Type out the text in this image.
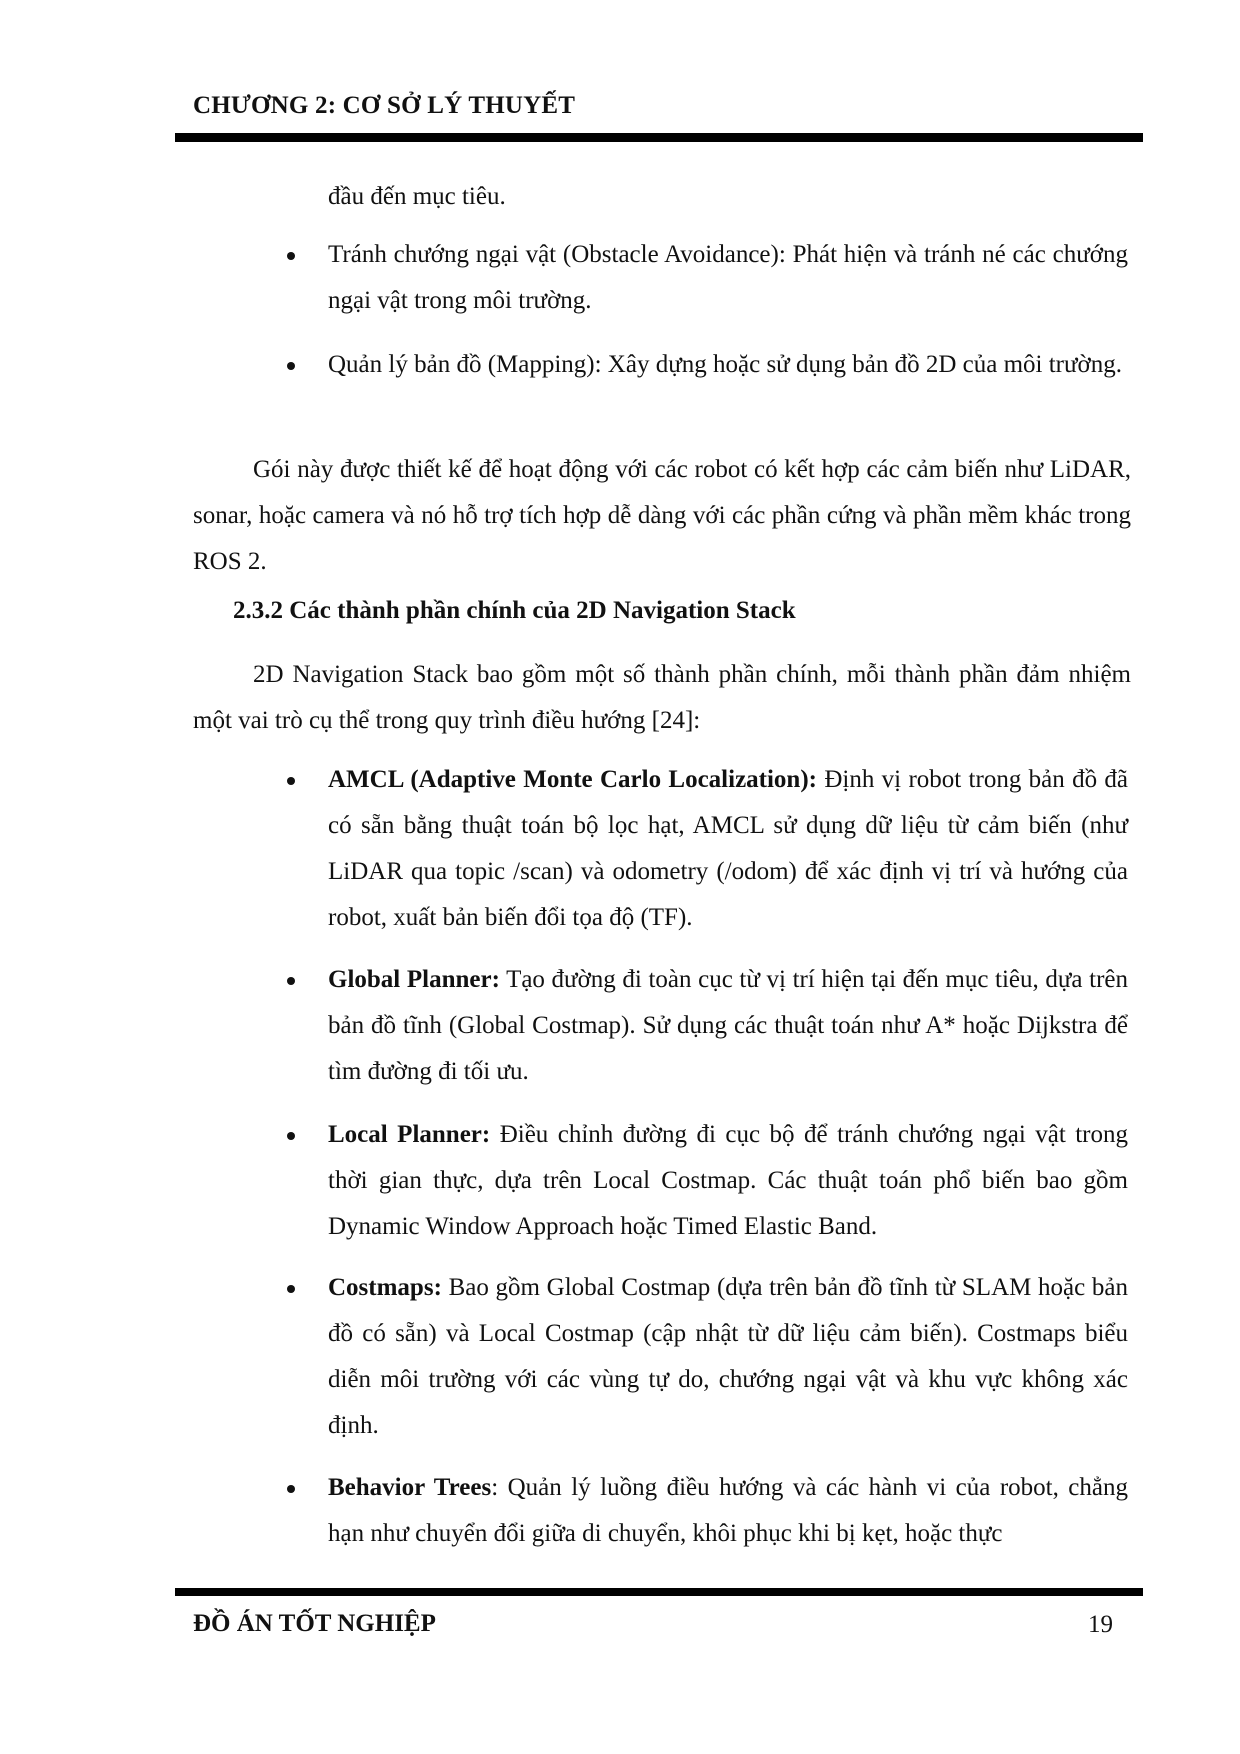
CHƯƠNG 2: CƠ SỞ LÝ THUYẾT
đầu đến mục tiêu.
Tránh chướng ngại vật (Obstacle Avoidance): Phát hiện và tránh né các chướng ngại vật trong môi trường.
Quản lý bản đồ (Mapping): Xây dựng hoặc sử dụng bản đồ 2D của môi trường.
Gói này được thiết kế để hoạt động với các robot có kết hợp các cảm biến như LiDAR, sonar, hoặc camera và nó hỗ trợ tích hợp dễ dàng với các phần cứng và phần mềm khác trong ROS 2.
2.3.2 Các thành phần chính của 2D Navigation Stack
2D Navigation Stack bao gồm một số thành phần chính, mỗi thành phần đảm nhiệm một vai trò cụ thể trong quy trình điều hướng [24]:
AMCL (Adaptive Monte Carlo Localization): Định vị robot trong bản đồ đã có sẵn bằng thuật toán bộ lọc hạt, AMCL sử dụng dữ liệu từ cảm biến (như LiDAR qua topic /scan) và odometry (/odom) để xác định vị trí và hướng của robot, xuất bản biến đổi tọa độ (TF).
Global Planner: Tạo đường đi toàn cục từ vị trí hiện tại đến mục tiêu, dựa trên bản đồ tĩnh (Global Costmap). Sử dụng các thuật toán như A* hoặc Dijkstra để tìm đường đi tối ưu.
Local Planner: Điều chỉnh đường đi cục bộ để tránh chướng ngại vật trong thời gian thực, dựa trên Local Costmap. Các thuật toán phổ biến bao gồm Dynamic Window Approach hoặc Timed Elastic Band.
Costmaps: Bao gồm Global Costmap (dựa trên bản đồ tĩnh từ SLAM hoặc bản đồ có sẵn) và Local Costmap (cập nhật từ dữ liệu cảm biến). Costmaps biểu diễn môi trường với các vùng tự do, chướng ngại vật và khu vực không xác định.
Behavior Trees: Quản lý luồng điều hướng và các hành vi của robot, chẳng hạn như chuyển đổi giữa di chuyển, khôi phục khi bị kẹt, hoặc thực
ĐỒ ÁN TỐT NGHIỆP	19
